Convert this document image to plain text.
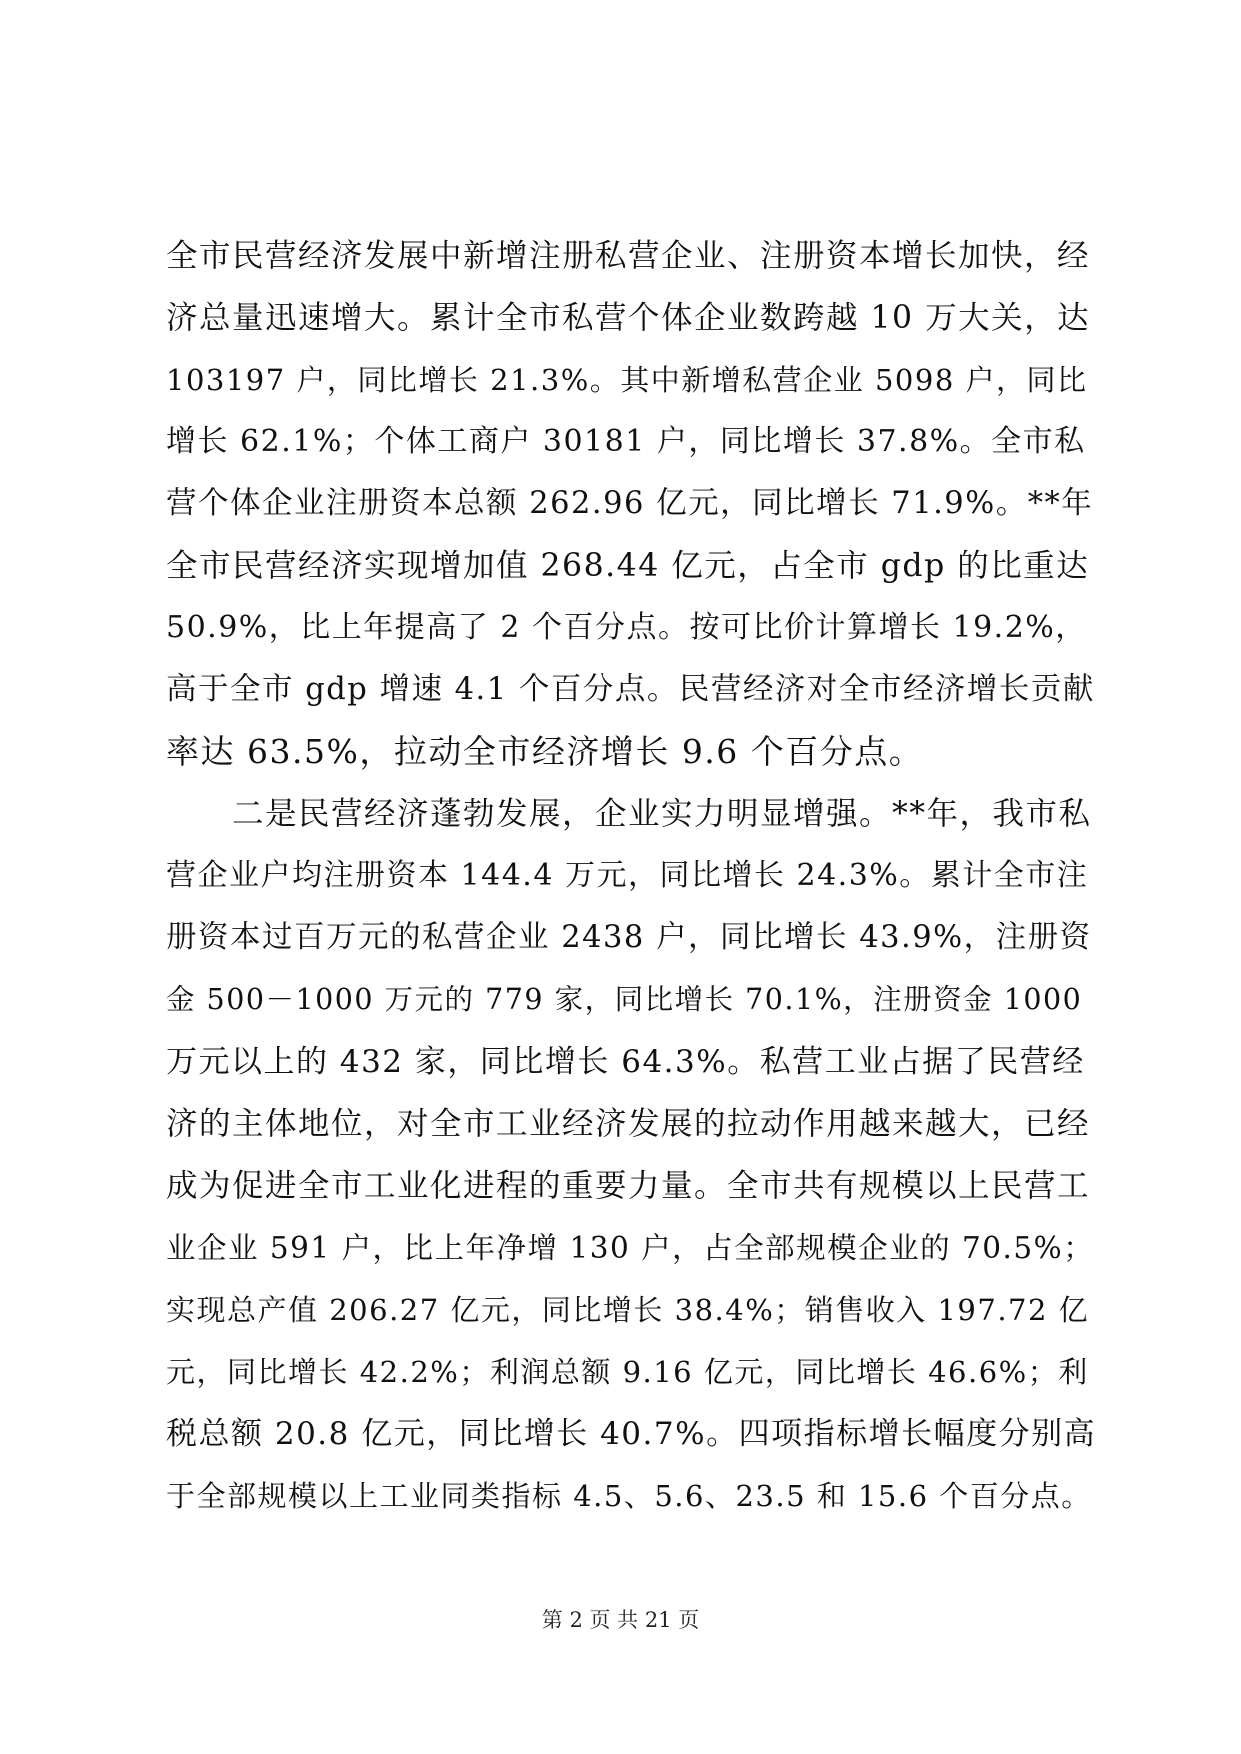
全市民营经济发展中新增注册私营企业、注册资本增长加快，经
济总量迅速增大。累计全市私营个体企业数跨越 10 万大关，达
103197 户，同比增长 21.3%。其中新增私营企业 5098 户，同比
增长 62.1%；个体工商户 30181 户，同比增长 37.8%。全市私
营个体企业注册资本总额 262.96 亿元，同比增长 71.9%。**年
全市民营经济实现增加值 268.44 亿元，占全市 gdp 的比重达
50.9%，比上年提高了 2 个百分点。按可比价计算增长 19.2%，
高于全市 gdp 增速 4.1 个百分点。民营经济对全市经济增长贡献
率达 63.5%，拉动全市经济增长 9.6 个百分点。
　　二是民营经济蓬勃发展，企业实力明显增强。**年，我市私
营企业户均注册资本 144.4 万元，同比增长 24.3%。累计全市注
册资本过百万元的私营企业 2438 户，同比增长 43.9%，注册资
金 500－1000 万元的 779 家，同比增长 70.1%，注册资金 1000
万元以上的 432 家，同比增长 64.3%。私营工业占据了民营经
济的主体地位，对全市工业经济发展的拉动作用越来越大，已经
成为促进全市工业化进程的重要力量。全市共有规模以上民营工
业企业 591 户，比上年净增 130 户，占全部规模企业的 70.5%；
实现总产值 206.27 亿元，同比增长 38.4%；销售收入 197.72 亿
元，同比增长 42.2%；利润总额 9.16 亿元，同比增长 46.6%；利
税总额 20.8 亿元，同比增长 40.7%。四项指标增长幅度分别高
于全部规模以上工业同类指标 4.5、5.6、23.5 和 15.6 个百分点。
第 2 页 共 21 页
